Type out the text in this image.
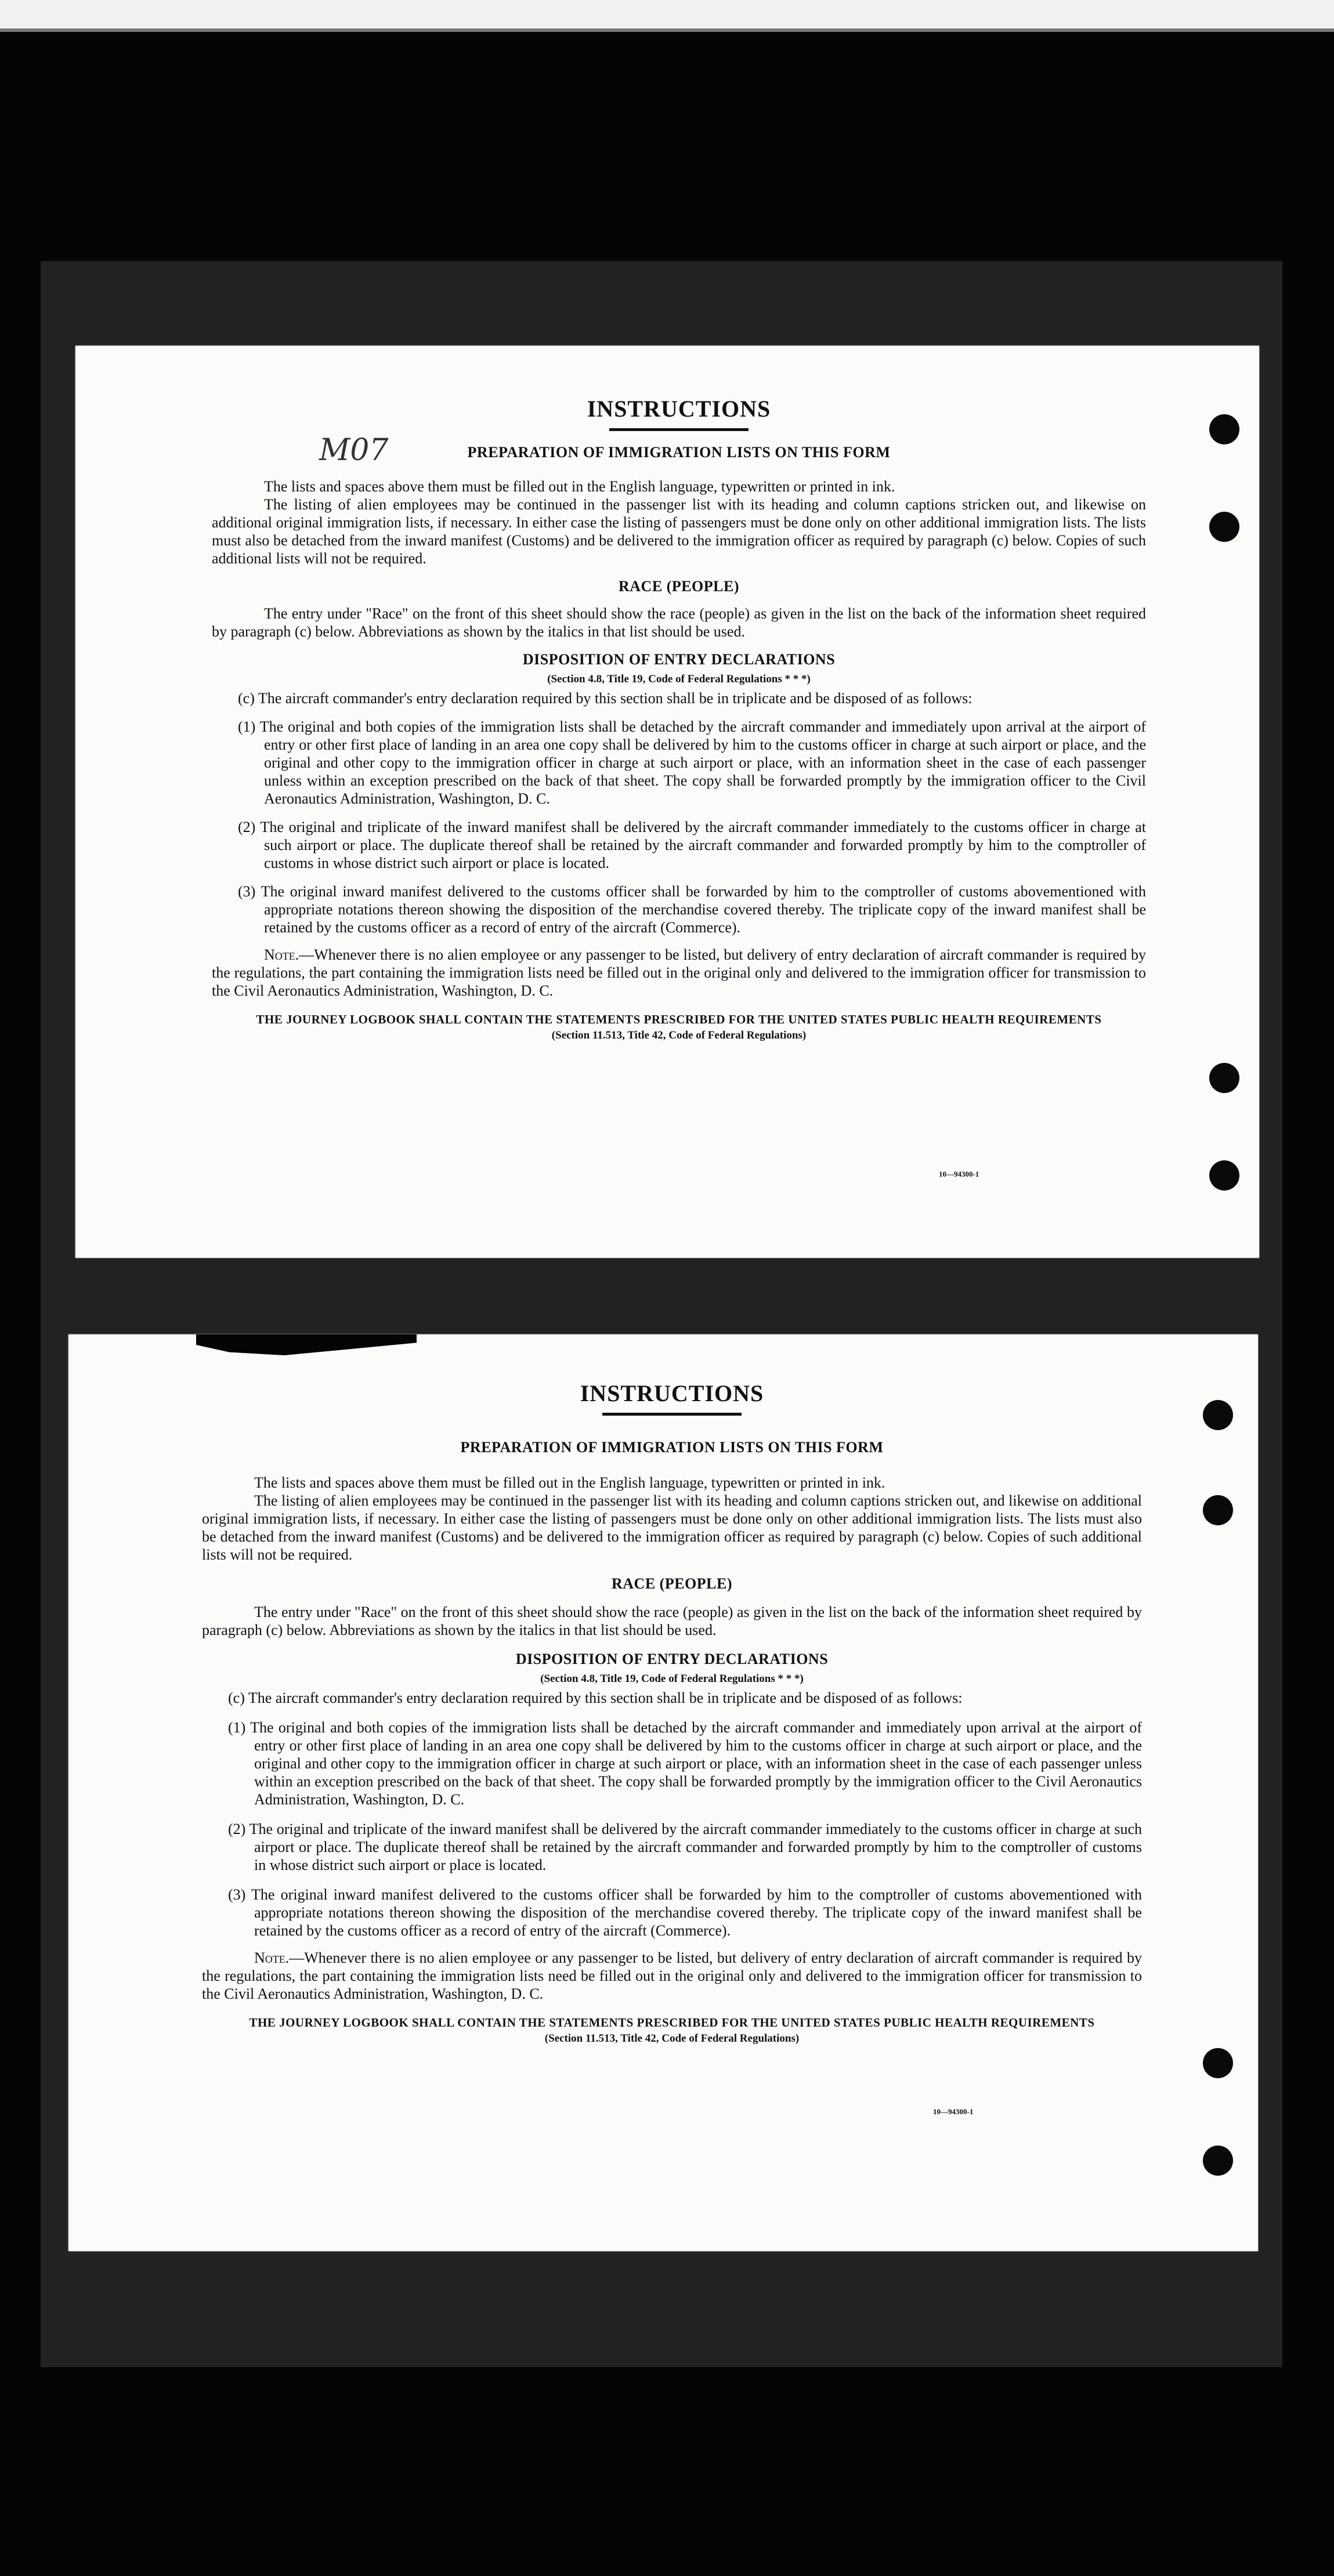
M07
INSTRUCTIONS
PREPARATION OF IMMIGRATION LISTS ON THIS FORM

The lists and spaces above them must be filled out in the English language, typewritten or printed in ink.

The listing of alien employees may be continued in the passenger list with its heading and column captions stricken out, and likewise on additional original immigration lists, if necessary. In either case the listing of passengers must be done only on other additional immigration lists. The lists must also be detached from the inward manifest (Customs) and be delivered to the immigration officer as required by paragraph (c) below. Copies of such additional lists will not be required.

RACE (PEOPLE)

The entry under "Race" on the front of this sheet should show the race (people) as given in the list on the back of the information sheet required by paragraph (c) below. Abbreviations as shown by the italics in that list should be used.

DISPOSITION OF ENTRY DECLARATIONS
(Section 4.8, Title 19, Code of Federal Regulations * * *)

(c) The aircraft commander's entry declaration required by this section shall be in triplicate and be disposed of as follows:

(1) The original and both copies of the immigration lists shall be detached by the aircraft commander and immediately upon arrival at the airport of entry or other first place of landing in an area one copy shall be delivered by him to the customs officer in charge at such airport or place, and the original and other copy to the immigration officer in charge at such airport or place, with an information sheet in the case of each passenger unless within an exception prescribed on the back of that sheet. The copy shall be forwarded promptly by the immigration officer to the Civil Aeronautics Administration, Washington, D. C.
(2) The original and triplicate of the inward manifest shall be delivered by the aircraft commander immediately to the customs officer in charge at such airport or place. The duplicate thereof shall be retained by the aircraft commander and forwarded promptly by him to the comptroller of customs in whose district such airport or place is located.
(3) The original inward manifest delivered to the customs officer shall be forwarded by him to the comptroller of customs abovementioned with appropriate notations thereon showing the disposition of the merchandise covered thereby. The triplicate copy of the inward manifest shall be retained by the customs officer as a record of entry of the aircraft (Commerce).

Note.—Whenever there is no alien employee or any passenger to be listed, but delivery of entry declaration of aircraft commander is required by the regulations, the part containing the immigration lists need be filled out in the original only and delivered to the immigration officer for transmission to the Civil Aeronautics Administration, Washington, D. C.

THE JOURNEY LOGBOOK SHALL CONTAIN THE STATEMENTS PRESCRIBED FOR THE UNITED STATES PUBLIC HEALTH REQUIREMENTS
(Section 11.513, Title 42, Code of Federal Regulations)
10—94300-1
INSTRUCTIONS
PREPARATION OF IMMIGRATION LISTS ON THIS FORM

The lists and spaces above them must be filled out in the English language, typewritten or printed in ink.

The listing of alien employees may be continued in the passenger list with its heading and column captions stricken out, and likewise on additional original immigration lists, if necessary. In either case the listing of passengers must be done only on other additional immigration lists. The lists must also be detached from the inward manifest (Customs) and be delivered to the immigration officer as required by paragraph (c) below. Copies of such additional lists will not be required.

RACE (PEOPLE)

The entry under "Race" on the front of this sheet should show the race (people) as given in the list on the back of the information sheet required by paragraph (c) below. Abbreviations as shown by the italics in that list should be used.

DISPOSITION OF ENTRY DECLARATIONS
(Section 4.8, Title 19, Code of Federal Regulations * * *)

(c) The aircraft commander's entry declaration required by this section shall be in triplicate and be disposed of as follows:

(1) The original and both copies of the immigration lists shall be detached by the aircraft commander and immediately upon arrival at the airport of entry or other first place of landing in an area one copy shall be delivered by him to the customs officer in charge at such airport or place, and the original and other copy to the immigration officer in charge at such airport or place, with an information sheet in the case of each passenger unless within an exception prescribed on the back of that sheet. The copy shall be forwarded promptly by the immigration officer to the Civil Aeronautics Administration, Washington, D. C.
(2) The original and triplicate of the inward manifest shall be delivered by the aircraft commander immediately to the customs officer in charge at such airport or place. The duplicate thereof shall be retained by the aircraft commander and forwarded promptly by him to the comptroller of customs in whose district such airport or place is located.
(3) The original inward manifest delivered to the customs officer shall be forwarded by him to the comptroller of customs abovementioned with appropriate notations thereon showing the disposition of the merchandise covered thereby. The triplicate copy of the inward manifest shall be retained by the customs officer as a record of entry of the aircraft (Commerce).

Note.—Whenever there is no alien employee or any passenger to be listed, but delivery of entry declaration of aircraft commander is required by the regulations, the part containing the immigration lists need be filled out in the original only and delivered to the immigration officer for transmission to the Civil Aeronautics Administration, Washington, D. C.

THE JOURNEY LOGBOOK SHALL CONTAIN THE STATEMENTS PRESCRIBED FOR THE UNITED STATES PUBLIC HEALTH REQUIREMENTS
(Section 11.513, Title 42, Code of Federal Regulations)
10—94300-1
